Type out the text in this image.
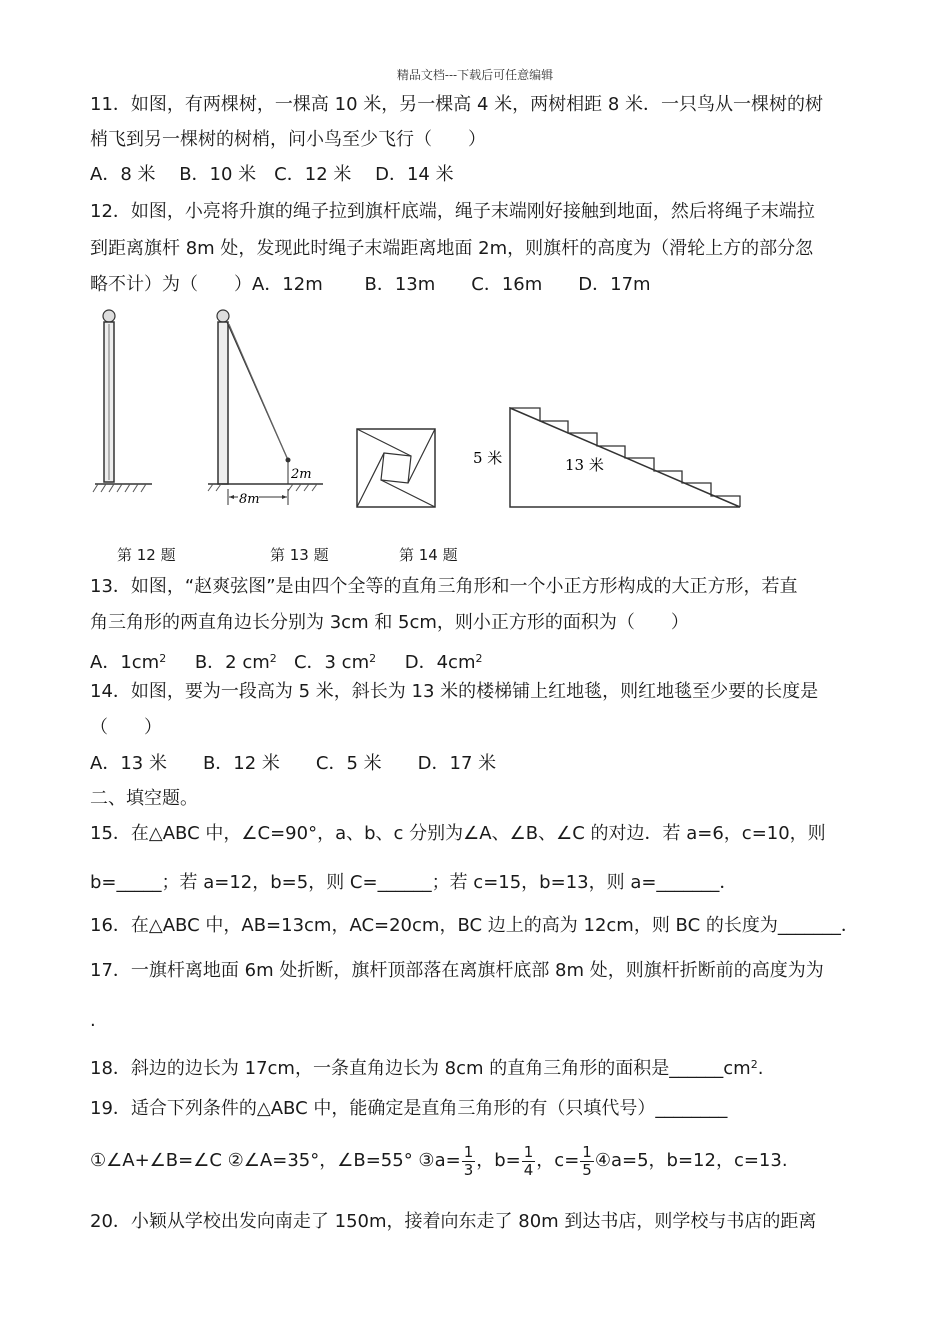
精品文档---下载后可任意编辑
11．如图，有两棵树，一棵高 10 米，另一棵高 4 米，两树相距 8 米．一只鸟从一棵树的树
梢飞到另一棵树的树梢，问小鸟至少飞行（　　）
A．8 米　 B．10 米　C．12 米　 D．14 米
12．如图，小亮将升旗的绳子拉到旗杆底端，绳子末端刚好接触到地面，然后将绳子末端拉
到距离旗杆 8m 处，发现此时绳子末端距离地面 2m，则旗杆的高度为（滑轮上方的部分忽
略不计）为（　　）A．12m　　 B．13m　　C．16m　　D．17m
8m
2m
5 米	13 米
第 12 题	第 13 题	第 14 题
13．如图，“赵爽弦图”是由四个全等的直角三角形和一个小正方形构成的大正方形，若直
角三角形的两直角边长分别为 3cm 和 5cm，则小正方形的面积为（　　）
A．$1cm^2$ B．2 $cm^2$ C．3 $cm^2$ D．$4cm^2$
14．如图，要为一段高为 5 米，斜长为 13 米的楼梯铺上红地毯，则红地毯至少要的长度是
（　　）
A．13 米　　B．12 米　　C．5 米　　D．17 米
二、填空题。
15．在△ABC 中，∠C=90°，a、b、c 分别为∠A、∠B、∠C 的对边．若 a=6，c=10，则
b=_____；若 a=12，b=5，则 C=______；若 c=15，b=13，则 a=_______．
16．在△ABC 中，AB=13cm，AC=20cm，BC 边上的高为 12cm，则 BC 的长度为_______．
17．一旗杆离地面 6m 处折断，旗杆顶部落在离旗杆底部 8m 处，则旗杆折断前的高度为为
.
18．斜边的边长为 17cm，一条直角边长为 8cm 的直角三角形的面积是$\_\_\_\_\_\_cm^2$.
19．适合下列条件的△ABC 中，能确定是直角三角形的有（只填代号）________
①∠A+∠B=∠C ②∠A=35°，∠B=55° ③a= $\frac{1}{3}$ ，$b= \frac{1}{4}$ ，$c= \frac{1}{5}$ ④a=5，b=12，c=13.
20．小颖从学校出发向南走了 150m，接着向东走了 80m 到达书店，则学校与书店的距离
